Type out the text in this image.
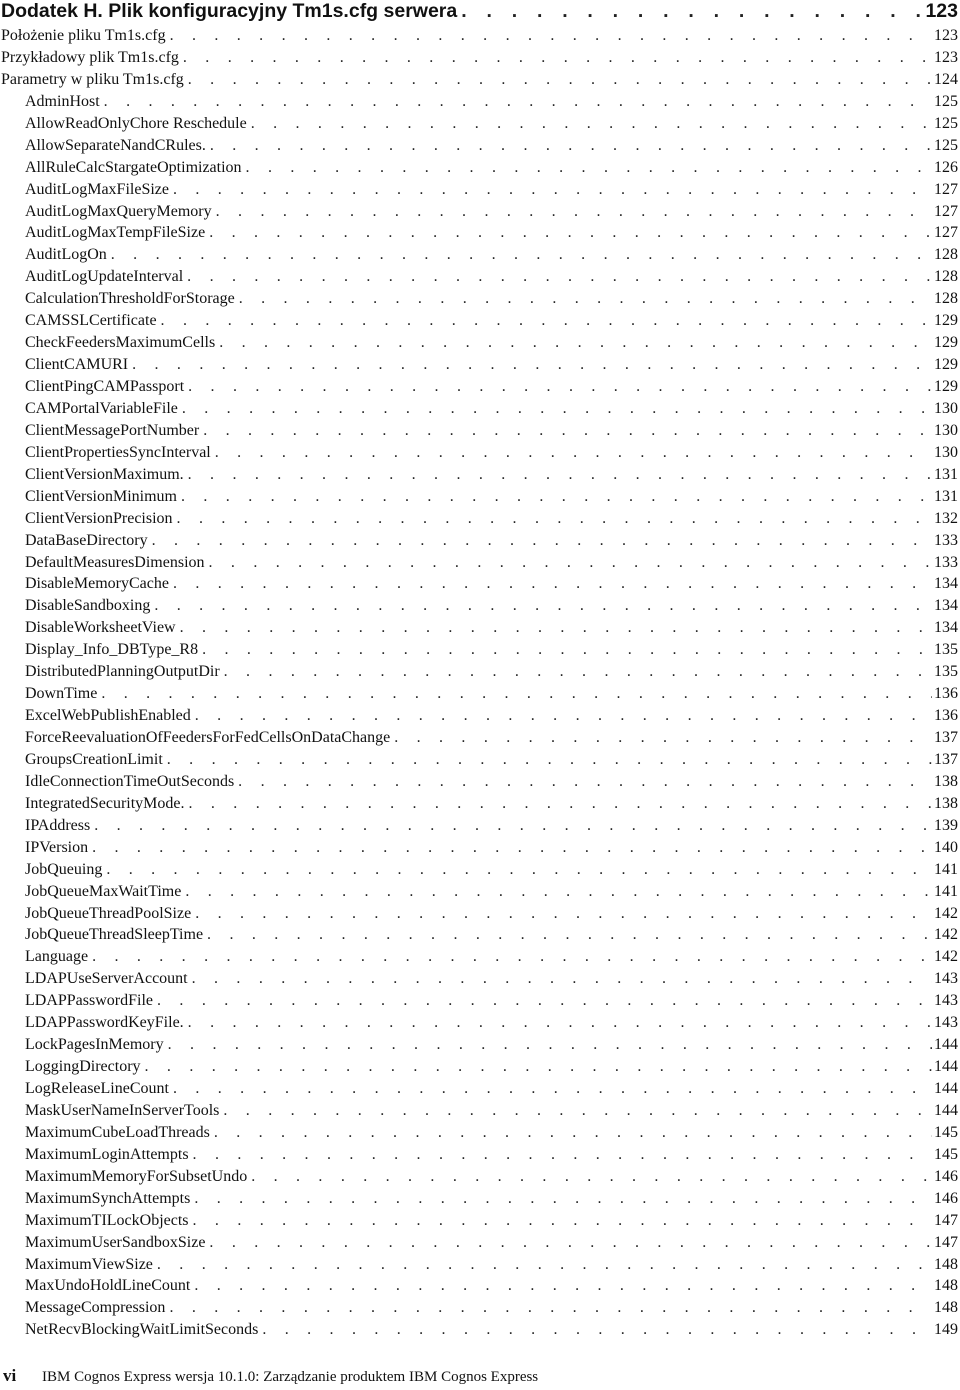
Dodatek H. Plik konfiguracyjny Tm1s.cfg serwera . . .	123
Położenie pliku Tm1s.cfg . . .	123
Przykładowy plik Tm1s.cfg . . .	123
Parametry w pliku Tm1s.cfg . . .	124
AdminHost . . .	125
AllowReadOnlyChore Reschedule . . .	125
AllowSeparateNandCRules. . . .	125
AllRuleCalcStargateOptimization . . .	126
AuditLogMaxFileSize . . .	127
AuditLogMaxQueryMemory . . .	127
AuditLogMaxTempFileSize . . .	127
AuditLogOn . . .	128
AuditLogUpdateInterval . . .	128
CalculationThresholdForStorage . . .	128
CAMSSLCertificate . . .	129
CheckFeedersMaximumCells . . .	129
ClientCAMURI . . .	129
ClientPingCAMPassport . . .	129
CAMPortalVariableFile . . .	130
ClientMessagePortNumber . . .	130
ClientPropertiesSyncInterval . . .	130
ClientVersionMaximum. . . .	131
ClientVersionMinimum . . .	131
ClientVersionPrecision . . .	132
DataBaseDirectory . . .	133
DefaultMeasuresDimension . . .	133
DisableMemoryCache . . .	134
DisableSandboxing . . .	134
DisableWorksheetView . . .	134
Display_Info_DBType_R8 . . .	135
DistributedPlanningOutputDir . . .	135
DownTime . . .	136
ExcelWebPublishEnabled . . .	136
ForceReevaluationOfFeedersForFedCellsOnDataChange . . .	137
GroupsCreationLimit . . .	137
IdleConnectionTimeOutSeconds . . .	138
IntegratedSecurityMode. . . .	138
IPAddress . . .	139
IPVersion . . .	140
JobQueuing . . .	141
JobQueueMaxWaitTime . . .	141
JobQueueThreadPoolSize . . .	142
JobQueueThreadSleepTime . . .	142
Language . . .	142
LDAPUseServerAccount . . .	143
LDAPPasswordFile . . .	143
LDAPPasswordKeyFile. . . .	143
LockPagesInMemory . . .	144
LoggingDirectory . . .	144
LogReleaseLineCount . . .	144
MaskUserNameInServerTools . . .	144
MaximumCubeLoadThreads . . .	145
MaximumLoginAttempts . . .	145
MaximumMemoryForSubsetUndo . . .	146
MaximumSynchAttempts . . .	146
MaximumTILockObjects . . .	147
MaximumUserSandboxSize . . .	147
MaximumViewSize . . .	148
MaxUndoHoldLineCount . . .	148
MessageCompression . . .	148
NetRecvBlockingWaitLimitSeconds . . .	149
vi IBM Cognos Express wersja 10.1.0: Zarządzanie produktem IBM Cognos Express
